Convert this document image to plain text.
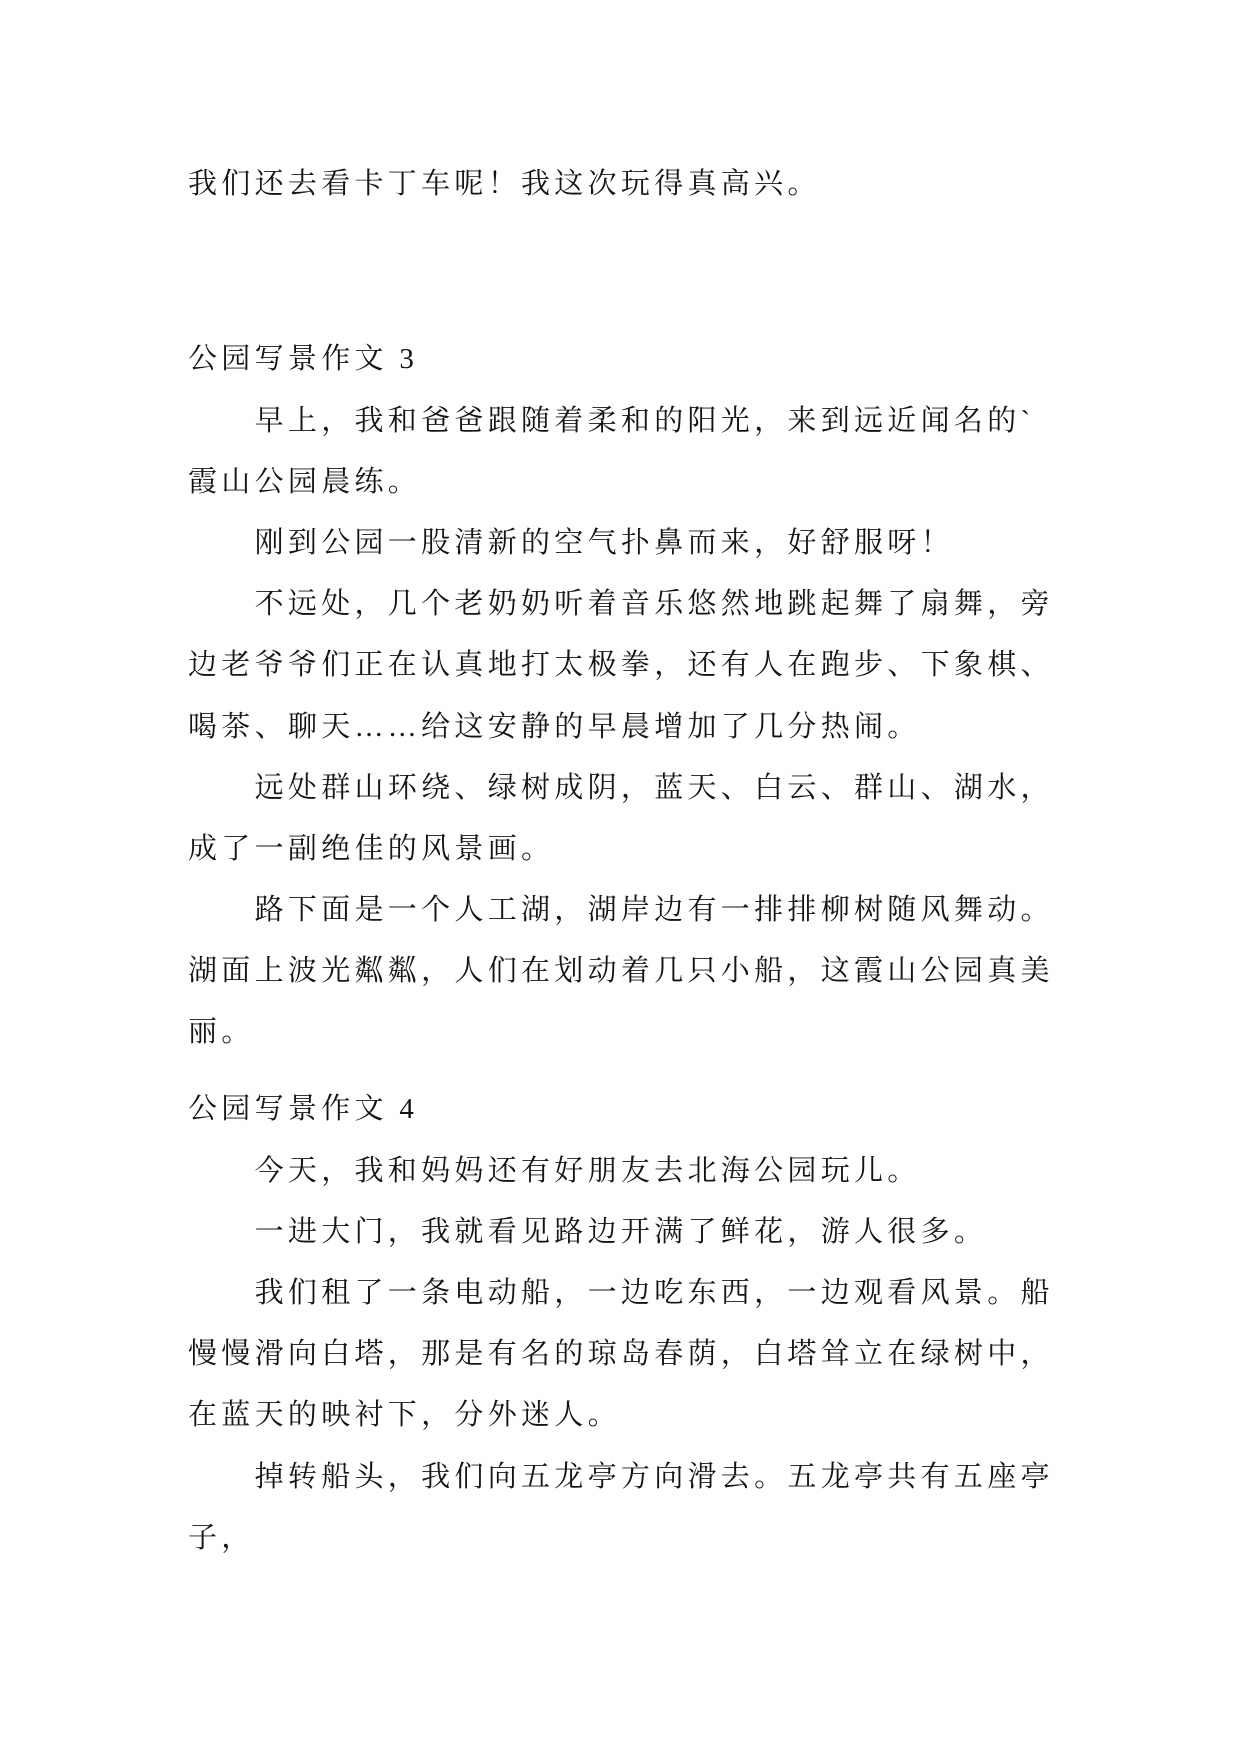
我们还去看卡丁车呢！我这次玩得真高兴。
公园写景作文 3
早上，我和爸爸跟随着柔和的阳光，来到远近闻名的`
霞山公园晨练。
刚到公园一股清新的空气扑鼻而来，好舒服呀！
不远处，几个老奶奶听着音乐悠然地跳起舞了扇舞，旁
边老爷爷们正在认真地打太极拳，还有人在跑步、下象棋、
喝茶、聊天……给这安静的早晨增加了几分热闹。
远处群山环绕、绿树成阴，蓝天、白云、群山、湖水，
成了一副绝佳的风景画。
路下面是一个人工湖，湖岸边有一排排柳树随风舞动。
湖面上波光粼粼，人们在划动着几只小船，这霞山公园真美
丽。
公园写景作文 4
今天，我和妈妈还有好朋友去北海公园玩儿。
一进大门，我就看见路边开满了鲜花，游人很多。
我们租了一条电动船，一边吃东西，一边观看风景。船
慢慢滑向白塔，那是有名的琼岛春荫，白塔耸立在绿树中，
在蓝天的映衬下，分外迷人。
掉转船头，我们向五龙亭方向滑去。五龙亭共有五座亭
子，
